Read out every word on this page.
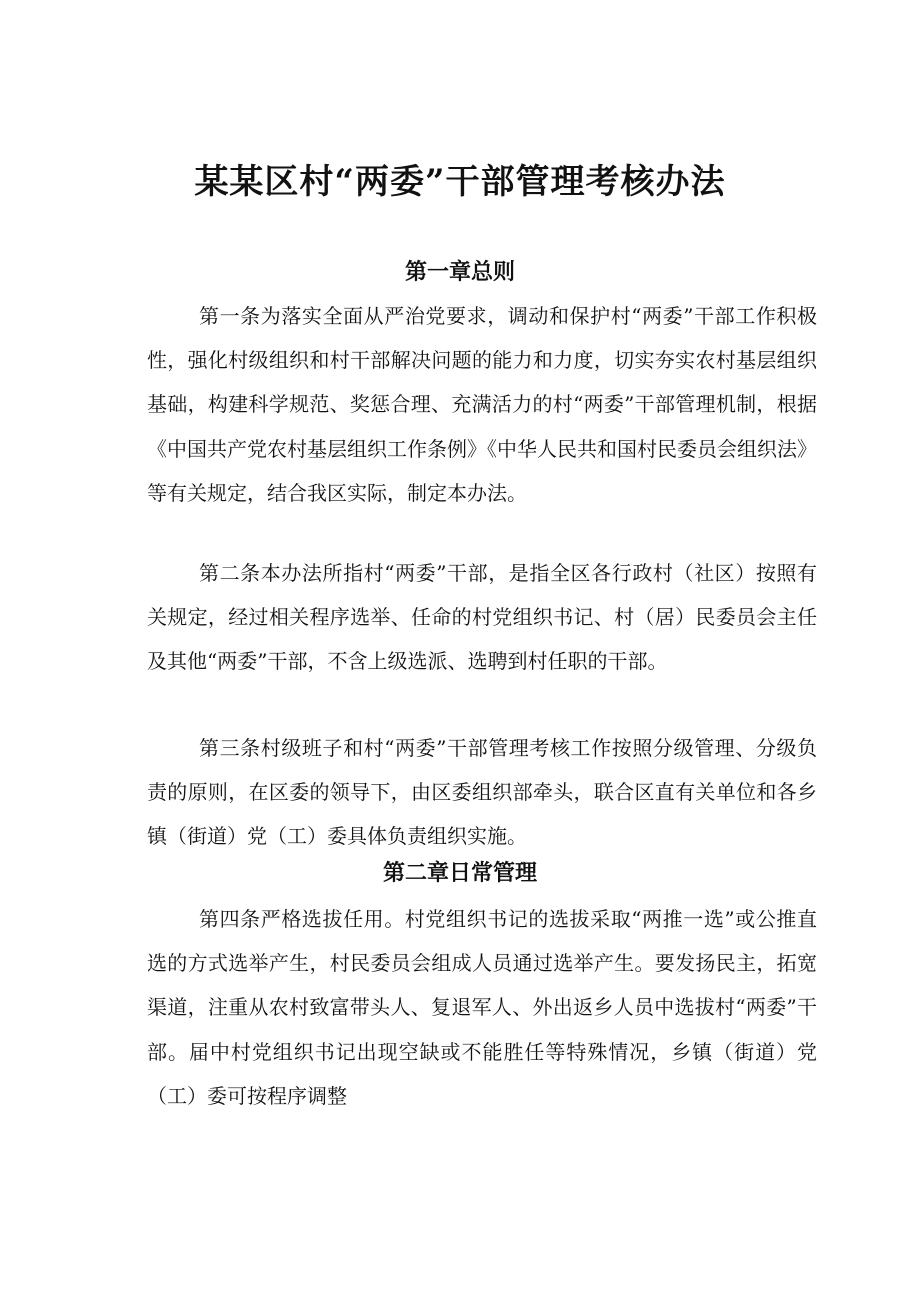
某某区村“两委”干部管理考核办法
第一章总则

第一条为落实全面从严治党要求，调动和保护村“两委”干部工作积极性，强化村级组织和村干部解决问题的能力和力度，切实夯实农村基层组织基础，构建科学规范、奖惩合理、充满活力的村“两委”干部管理机制，根据《中国共产党农村基层组织工作条例》《中华人民共和国村民委员会组织法》等有关规定，结合我区实际，制定本办法。

第二条本办法所指村“两委”干部，是指全区各行政村（社区）按照有关规定，经过相关程序选举、任命的村党组织书记、村（居）民委员会主任及其他“两委”干部，不含上级选派、选聘到村任职的干部。

第三条村级班子和村“两委”干部管理考核工作按照分级管理、分级负责的原则，在区委的领导下，由区委组织部牵头，联合区直有关单位和各乡镇（街道）党（工）委具体负责组织实施。

第二章日常管理

第四条严格选拔任用。村党组织书记的选拔采取“两推一选”或公推直选的方式选举产生，村民委员会组成人员通过选举产生。要发扬民主，拓宽渠道，注重从农村致富带头人、复退军人、外出返乡人员中选拔村“两委”干部。届中村党组织书记出现空缺或不能胜任等特殊情况，乡镇（街道）党（工）委可按程序调整
